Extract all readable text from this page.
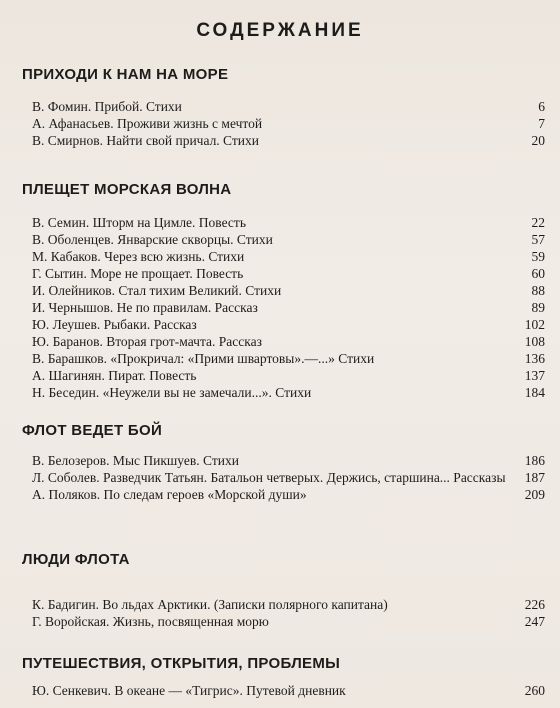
СОДЕРЖАНИЕ
ПРИХОДИ К НАМ НА МОРЕ
В. Фомин. Прибой. Стихи	6
А. Афанасьев. Проживи жизнь с мечтой	7
В. Смирнов. Найти свой причал. Стихи	20
ПЛЕЩЕТ МОРСКАЯ ВОЛНА
В. Семин. Шторм на Цимле. Повесть	22
В. Оболенцев. Январские скворцы. Стихи	57
М. Кабаков. Через всю жизнь. Стихи	59
Г. Сытин. Море не прощает. Повесть	60
И. Олейников. Стал тихим Великий. Стихи	88
И. Чернышов. Не по правилам. Рассказ	89
Ю. Леушев. Рыбаки. Рассказ	102
Ю. Баранов. Вторая грот-мачта. Рассказ	108
В. Барашков. «Прокричал: «Прими швартовы».—...» Стихи	136
А. Шагинян. Пират. Повесть	137
Н. Беседин. «Неужели вы не замечали...». Стихи	184
ФЛОТ ВЕДЕТ БОЙ
В. Белозеров. Мыс Пикшуев. Стихи	186
Л. Соболев. Разведчик Татьян. Батальон четверых. Держись, старшина... Рассказы	187
А. Поляков. По следам героев «Морской души»	209
ЛЮДИ ФЛОТА
К. Бадигин. Во льдах Арктики. (Записки полярного капитана)	226
Г. Воройская. Жизнь, посвященная морю	247
ПУТЕШЕСТВИЯ, ОТКРЫТИЯ, ПРОБЛЕМЫ
Ю. Сенкевич. В океане — «Тигрис». Путевой дневник	260
